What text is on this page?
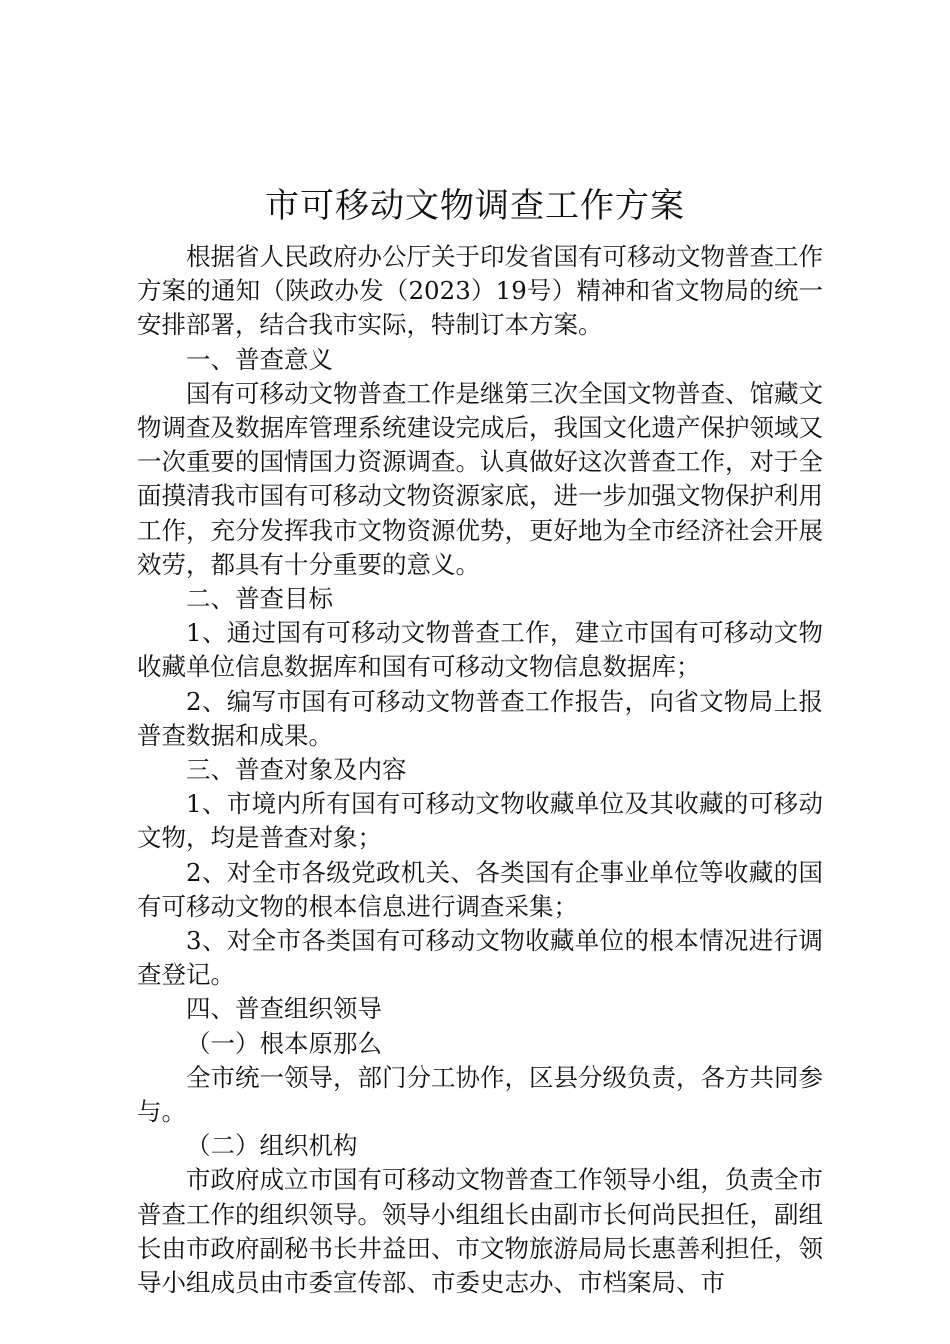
市可移动文物调查工作方案

根据省人民政府办公厅关于印发省国有可移动文物普查工作方案的通知（陕政办发（2023）19号）精神和省文物局的统一安排部署，结合我市实际，特制订本方案。

一、普查意义

国有可移动文物普查工作是继第三次全国文物普查、馆藏文物调查及数据库管理系统建设完成后，我国文化遗产保护领域又一次重要的国情国力资源调查。认真做好这次普查工作，对于全面摸清我市国有可移动文物资源家底，进一步加强文物保护利用工作，充分发挥我市文物资源优势，更好地为全市经济社会开展效劳，都具有十分重要的意义。

二、普查目标

1、通过国有可移动文物普查工作，建立市国有可移动文物收藏单位信息数据库和国有可移动文物信息数据库；

2、编写市国有可移动文物普查工作报告，向省文物局上报普查数据和成果。

三、普查对象及内容

1、市境内所有国有可移动文物收藏单位及其收藏的可移动文物，均是普查对象；

2、对全市各级党政机关、各类国有企事业单位等收藏的国有可移动文物的根本信息进行调查采集；

3、对全市各类国有可移动文物收藏单位的根本情况进行调查登记。

四、普查组织领导

（一）根本原那么

全市统一领导，部门分工协作，区县分级负责，各方共同参与。

（二）组织机构

市政府成立市国有可移动文物普查工作领导小组，负责全市普查工作的组织领导。领导小组组长由副市长何尚民担任，副组长由市政府副秘书长井益田、市文物旅游局局长惠善利担任，领导小组成员由市委宣传部、市委史志办、市档案局、市
